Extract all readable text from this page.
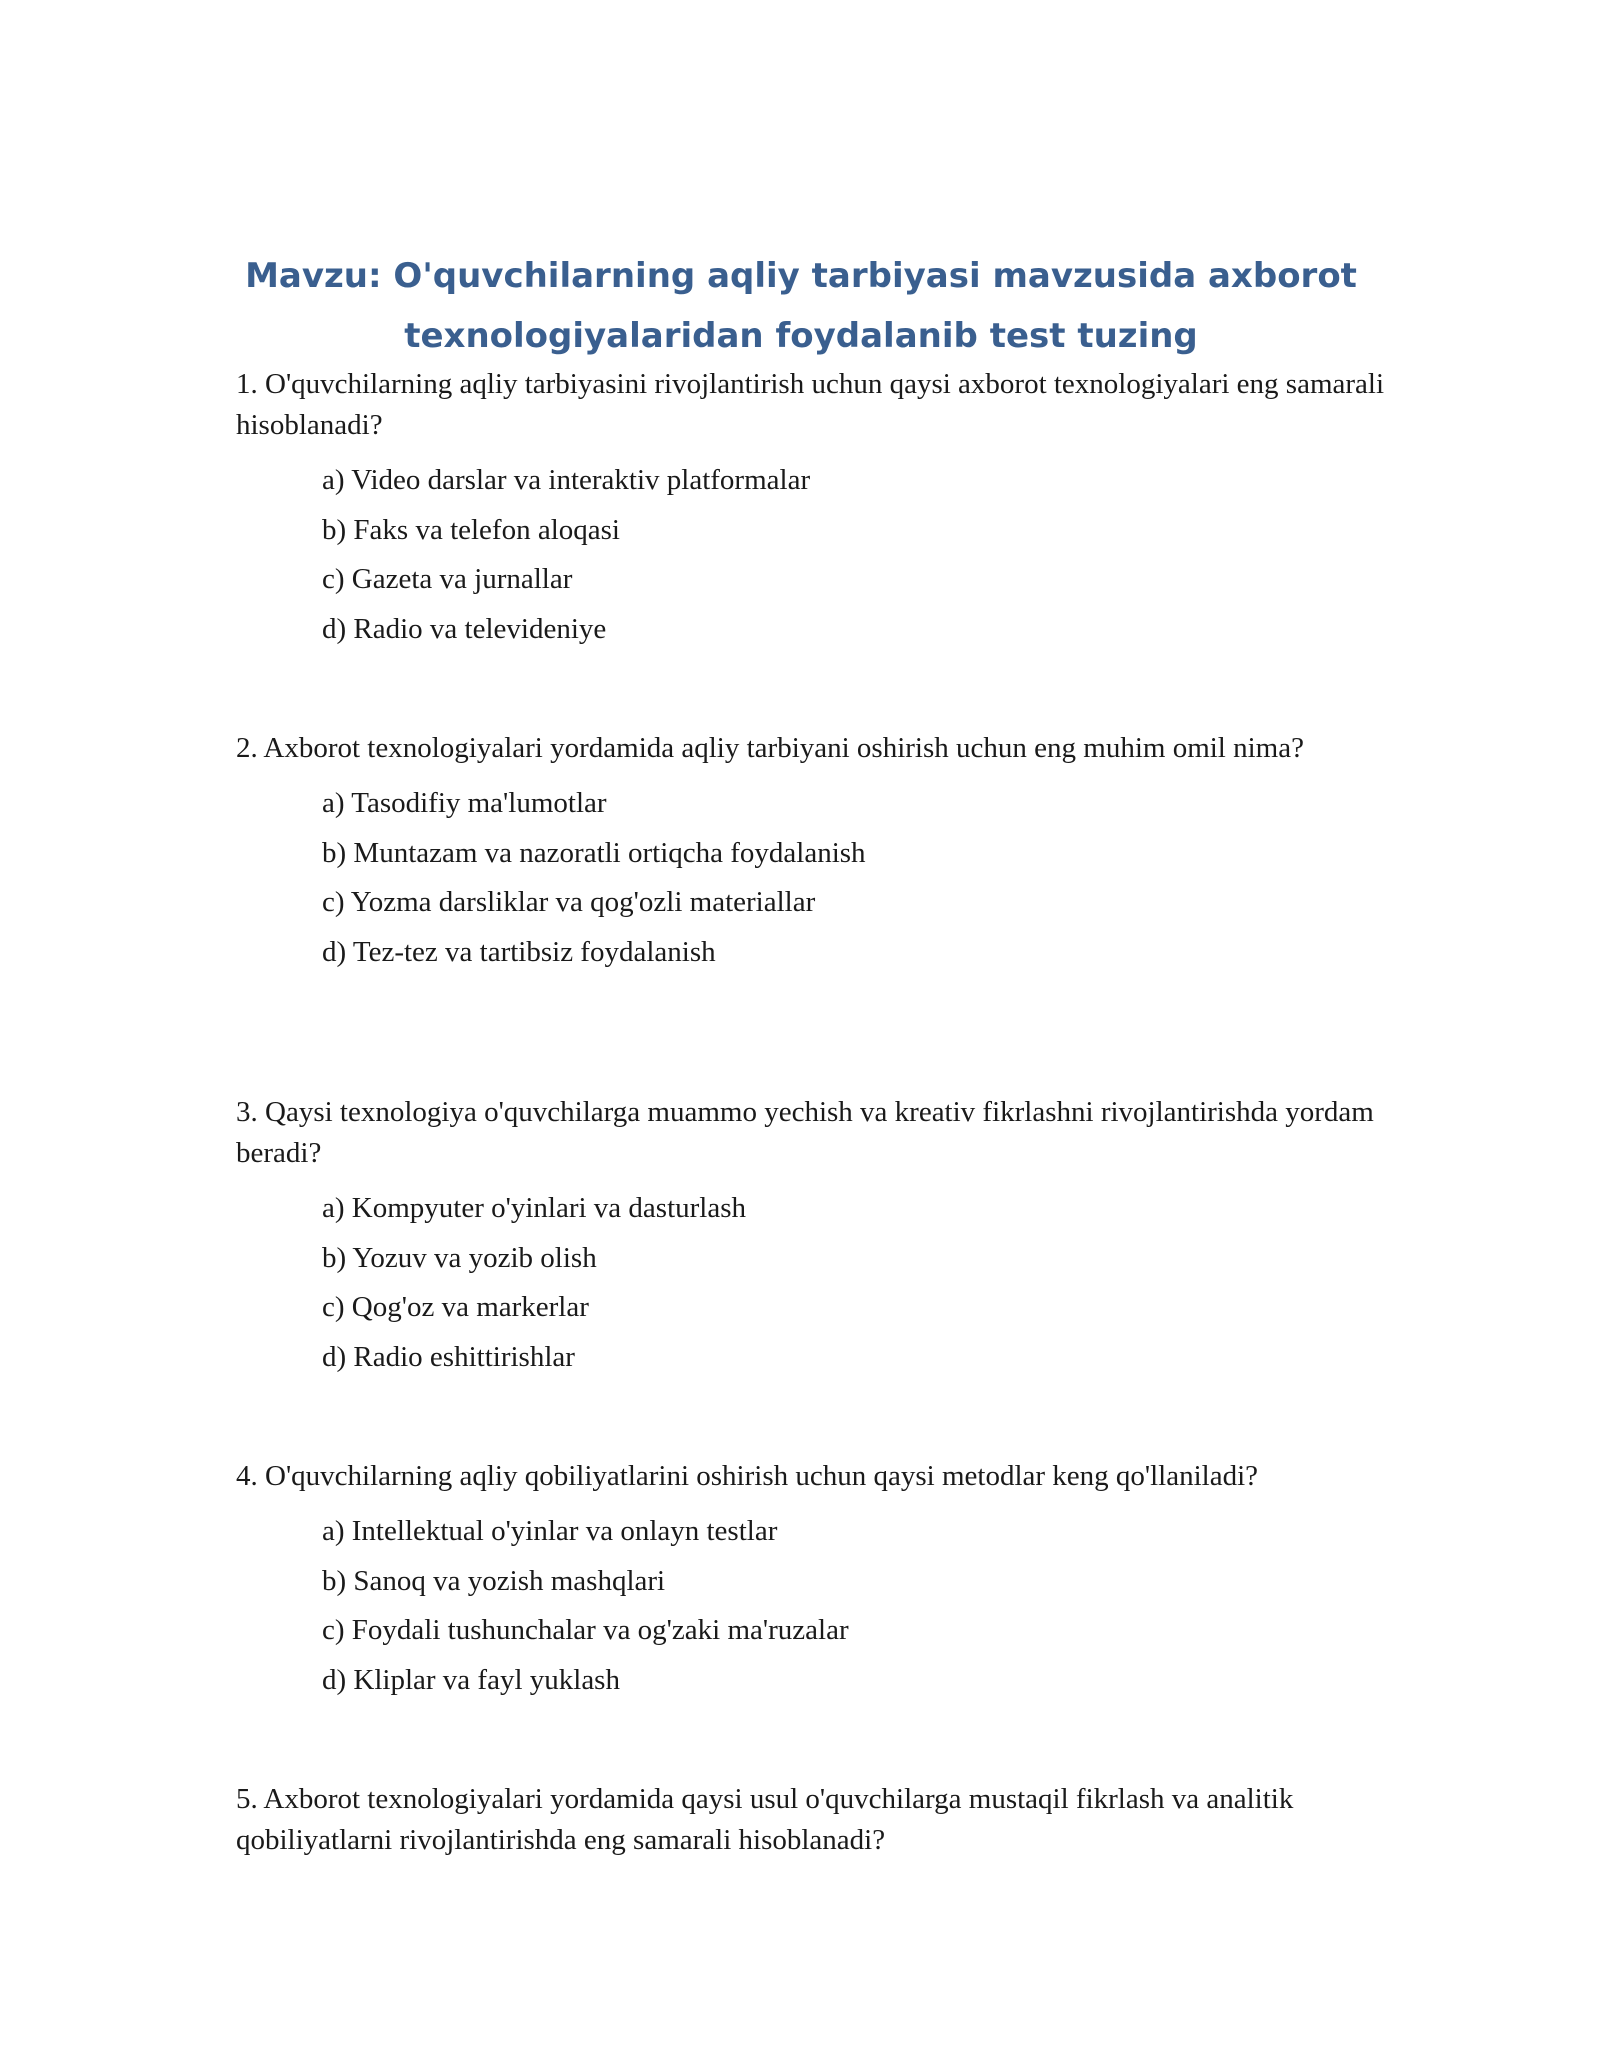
Mavzu: O'quvchilarning aqliy tarbiyasi mavzusida axborot
texnologiyalaridan foydalanib test tuzing

1. O'quvchilarning aqliy tarbiyasini rivojlantirish uchun qaysi axborot texnologiyalari eng samarali hisoblanadi?

a) Video darslar va interaktiv platformalar
b) Faks va telefon aloqasi
c) Gazeta va jurnallar
d) Radio va televideniye

2. Axborot texnologiyalari yordamida aqliy tarbiyani oshirish uchun eng muhim omil nima?

a) Tasodifiy ma'lumotlar
b) Muntazam va nazoratli ortiqcha foydalanish
c) Yozma darsliklar va qog'ozli materiallar
d) Tez-tez va tartibsiz foydalanish

3. Qaysi texnologiya o'quvchilarga muammo yechish va kreativ fikrlashni rivojlantirishda yordam beradi?

a) Kompyuter o'yinlari va dasturlash
b) Yozuv va yozib olish
c) Qog'oz va markerlar
d) Radio eshittirishlar

4. O'quvchilarning aqliy qobiliyatlarini oshirish uchun qaysi metodlar keng qo'llaniladi?

a) Intellektual o'yinlar va onlayn testlar
b) Sanoq va yozish mashqlari
c) Foydali tushunchalar va og'zaki ma'ruzalar
d) Kliplar va fayl yuklash

5. Axborot texnologiyalari yordamida qaysi usul o'quvchilarga mustaqil fikrlash va analitik qobiliyatlarni rivojlantirishda eng samarali hisoblanadi?
